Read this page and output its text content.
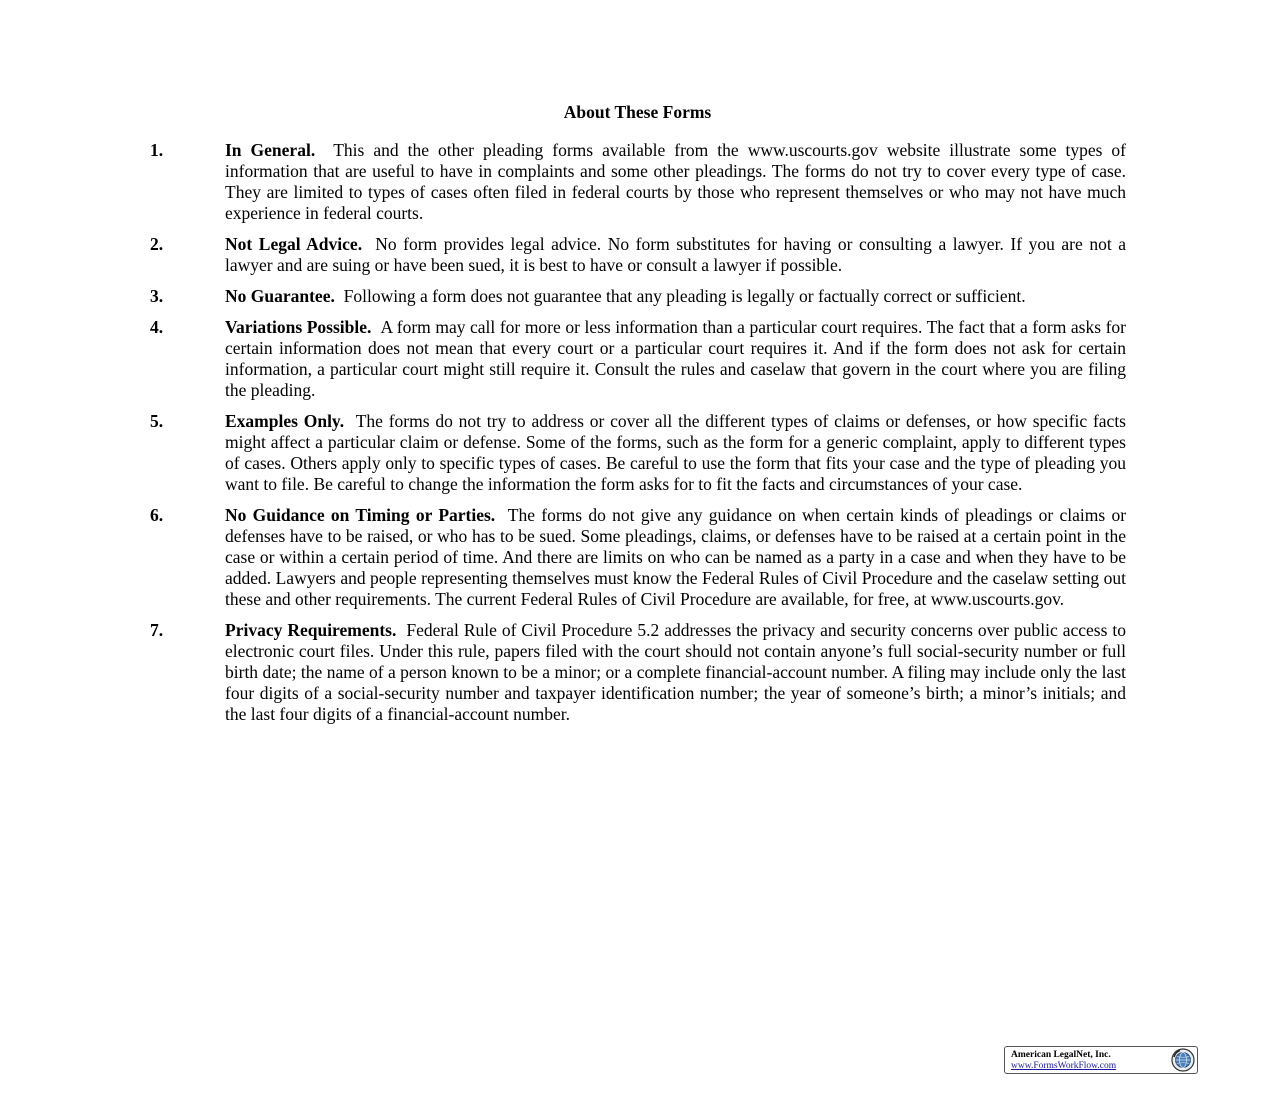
About These Forms
1.	In General. This and the other pleading forms available from the www.uscourts.gov website illustrate some types of information that are useful to have in complaints and some other pleadings. The forms do not try to cover every type of case. They are limited to types of cases often filed in federal courts by those who represent themselves or who may not have much experience in federal courts.
2.	Not Legal Advice. No form provides legal advice. No form substitutes for having or consulting a lawyer. If you are not a lawyer and are suing or have been sued, it is best to have or consult a lawyer if possible.
3.	No Guarantee. Following a form does not guarantee that any pleading is legally or factually correct or sufficient.
4.	Variations Possible. A form may call for more or less information than a particular court requires. The fact that a form asks for certain information does not mean that every court or a particular court requires it. And if the form does not ask for certain information, a particular court might still require it. Consult the rules and caselaw that govern in the court where you are filing the pleading.
5.	Examples Only. The forms do not try to address or cover all the different types of claims or defenses, or how specific facts might affect a particular claim or defense. Some of the forms, such as the form for a generic complaint, apply to different types of cases. Others apply only to specific types of cases. Be careful to use the form that fits your case and the type of pleading you want to file. Be careful to change the information the form asks for to fit the facts and circumstances of your case.
6.	No Guidance on Timing or Parties. The forms do not give any guidance on when certain kinds of pleadings or claims or defenses have to be raised, or who has to be sued. Some pleadings, claims, or defenses have to be raised at a certain point in the case or within a certain period of time. And there are limits on who can be named as a party in a case and when they have to be added. Lawyers and people representing themselves must know the Federal Rules of Civil Procedure and the caselaw setting out these and other requirements. The current Federal Rules of Civil Procedure are available, for free, at www.uscourts.gov.
7.	Privacy Requirements. Federal Rule of Civil Procedure 5.2 addresses the privacy and security concerns over public access to electronic court files. Under this rule, papers filed with the court should not contain anyone’s full social-security number or full birth date; the name of a person known to be a minor; or a complete financial-account number. A filing may include only the last four digits of a social-security number and taxpayer identification number; the year of someone’s birth; a minor’s initials; and the last four digits of a financial-account number.
American LegalNet, Inc.
www.FormsWorkFlow.com
